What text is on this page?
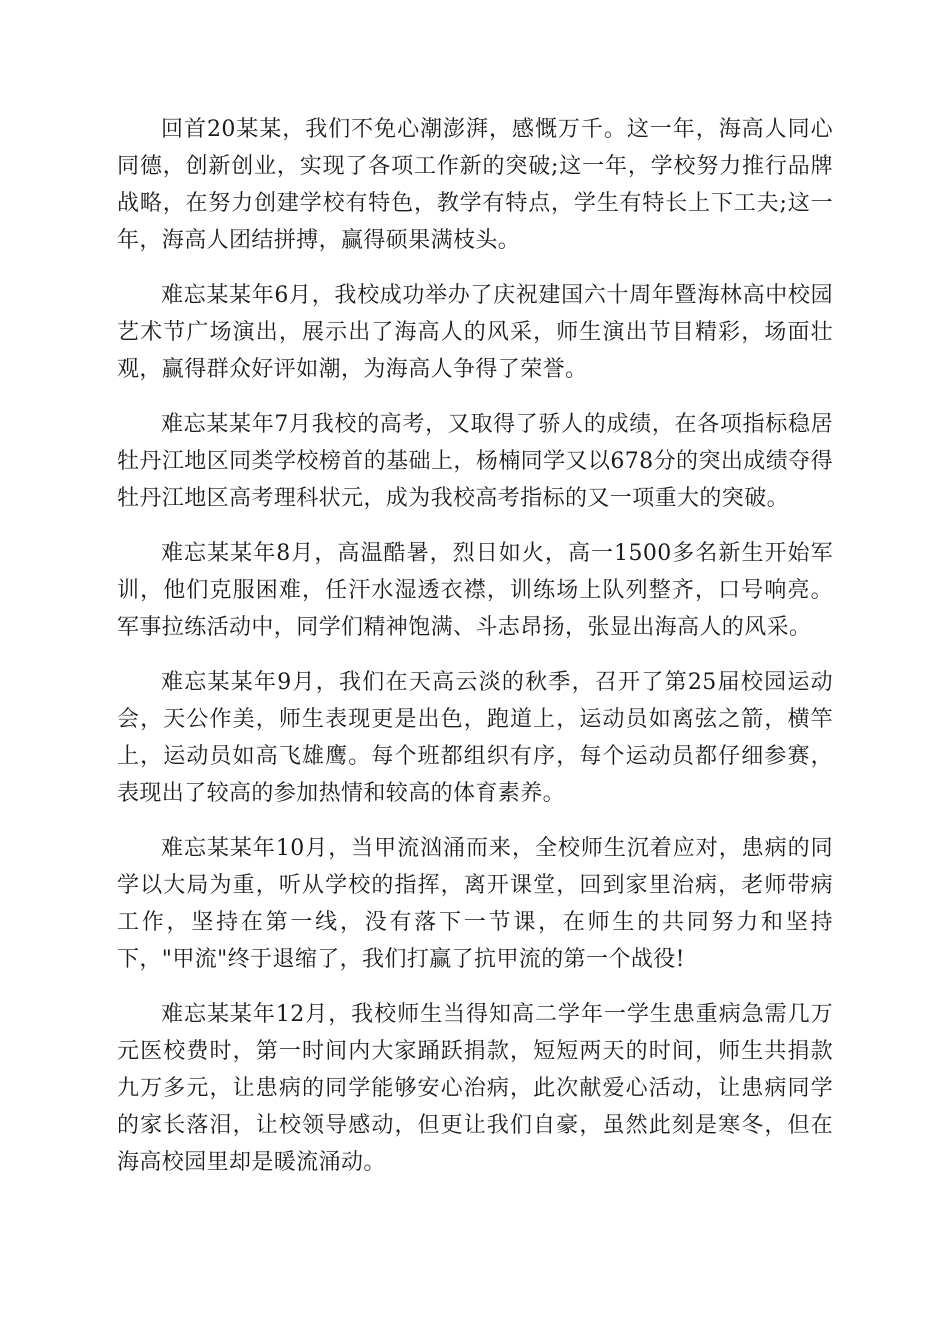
回首20某某，我们不免心潮澎湃，感慨万千。这一年，海高人同心同德，创新创业，实现了各项工作新的突破;这一年，学校努力推行品牌战略，在努力创建学校有特色，教学有特点，学生有特长上下工夫;这一年，海高人团结拼搏，赢得硕果满枝头。

难忘某某年6月，我校成功举办了庆祝建国六十周年暨海林高中校园艺术节广场演出，展示出了海高人的风采，师生演出节目精彩，场面壮观，赢得群众好评如潮，为海高人争得了荣誉。

难忘某某年7月我校的高考，又取得了骄人的成绩，在各项指标稳居牡丹江地区同类学校榜首的基础上，杨楠同学又以678分的突出成绩夺得牡丹江地区高考理科状元，成为我校高考指标的又一项重大的突破。

难忘某某年8月，高温酷暑，烈日如火，高一1500多名新生开始军训，他们克服困难，任汗水湿透衣襟，训练场上队列整齐，口号响亮。军事拉练活动中，同学们精神饱满、斗志昂扬，张显出海高人的风采。

难忘某某年9月，我们在天高云淡的秋季，召开了第25届校园运动会，天公作美，师生表现更是出色，跑道上，运动员如离弦之箭，横竿上，运动员如高飞雄鹰。每个班都组织有序，每个运动员都仔细参赛，表现出了较高的参加热情和较高的体育素养。

难忘某某年10月，当甲流汹涌而来，全校师生沉着应对，患病的同学以大局为重，听从学校的指挥，离开课堂，回到家里治病，老师带病工作，坚持在第一线，没有落下一节课，在师生的共同努力和坚持下，"甲流"终于退缩了，我们打赢了抗甲流的第一个战役!

难忘某某年12月，我校师生当得知高二学年一学生患重病急需几万元医校费时，第一时间内大家踊跃捐款，短短两天的时间，师生共捐款九万多元，让患病的同学能够安心治病，此次献爱心活动，让患病同学的家长落泪，让校领导感动，但更让我们自豪，虽然此刻是寒冬，但在海高校园里却是暖流涌动。
